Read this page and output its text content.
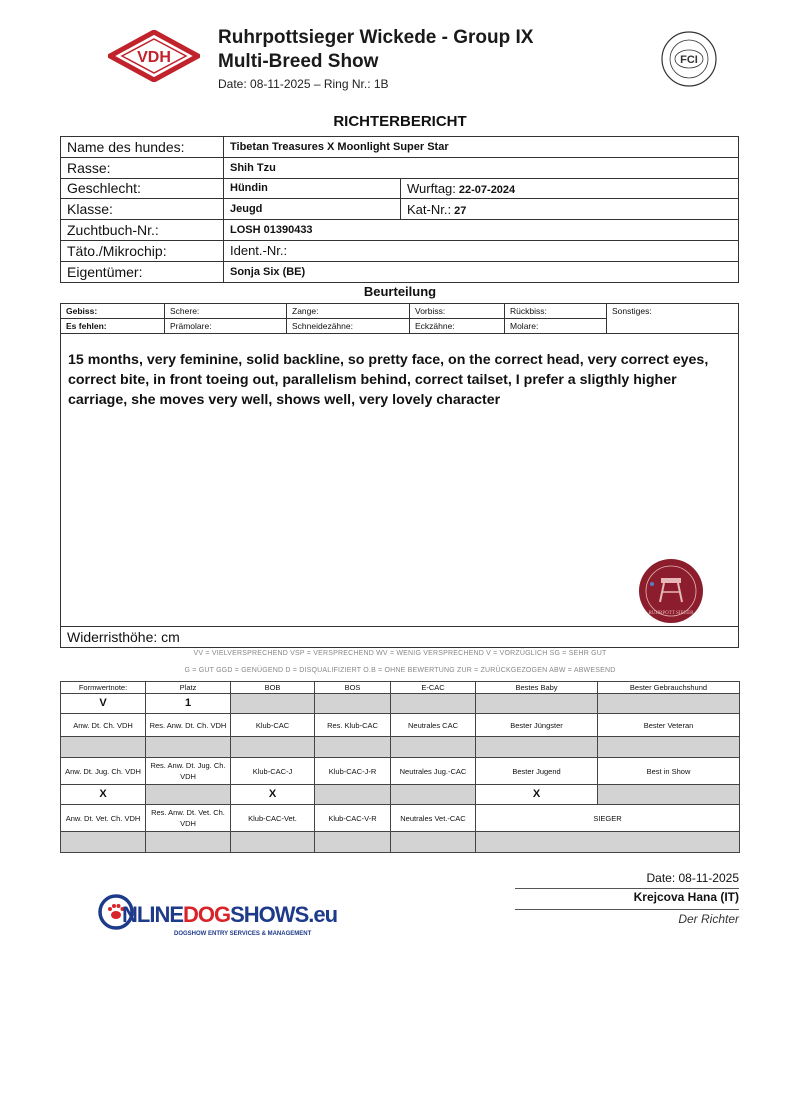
VDH
Ruhrpottsieger Wickede - Group IX
Multi-Breed Show
Date: 08-11-2025 – Ring Nr.: 1B
FCI
RICHTERBERICHT
Name des hundes:	Tibetan Treasures X Moonlight Super Star	
Rasse:	Shih Tzu	
Geschlecht:	Hündin	Wurftag: 22-07-2024
Klasse:	Jeugd	Kat-Nr.: 27
Zuchtbuch-Nr.:	LOSH 01390433	
Täto./Mikrochip:	Ident.-Nr.:	
Eigentümer:	Sonja Six (BE)	
Beurteilung
Gebiss:	Schere:	Zange:	Vorbiss:	Rückbiss:	Sonstiges:
Es fehlen:	Prämolare:	Schneidezähne:	Eckzähne:	Molare:	
15 months, very feminine, solid backline, so pretty face, on the correct head, very correct eyes, correct bite, in front toeing out, parallelism behind, correct tailset, I prefer a sligthly higher carriage, she moves very well, shows well, very lovely character
RUHRPOTT SIEGER
Widerristhöhe: cm
VV = VIELVERSPRECHEND VSP = VERSPRECHEND WV = WENIG VERSPRECHEND V = VORZÜGLICH SG = SEHR GUT
G = GUT GGD = GENÜGEND D = DISQUALIFIZIERT O.B = OHNE BEWERTUNG ZUR = ZURÜCKGEZOGEN ABW = ABWESEND
Formwertnote:	Platz	BOB	BOS	E-CAC	Bestes Baby	Bester Gebrauchshund
V	1					
Anw. Dt. Ch. VDH	Res. Anw. Dt. Ch. VDH	Klub-CAC	Res. Klub-CAC	Neutrales CAC	Bester Jüngster	Bester Veteran

Anw. Dt. Jug. Ch. VDH	Res. Anw. Dt. Jug. Ch. VDH	Klub-CAC-J	Klub-CAC-J-R	Neutrales Jug.-CAC	Bester Jugend	Best in Show
X		X			X	
Anw. Dt. Vet. Ch. VDH	Res. Anw. Dt. Vet. Ch. VDH	Klub-CAC-Vet.	Klub-CAC-V-R	Neutrales Vet.-CAC	SIEGER	

Date: 08-11-2025
Krejcova Hana (IT)
Der Richter
NLINEDOGSHOWS.eu
DOGSHOW ENTRY SERVICES & MANAGEMENT
